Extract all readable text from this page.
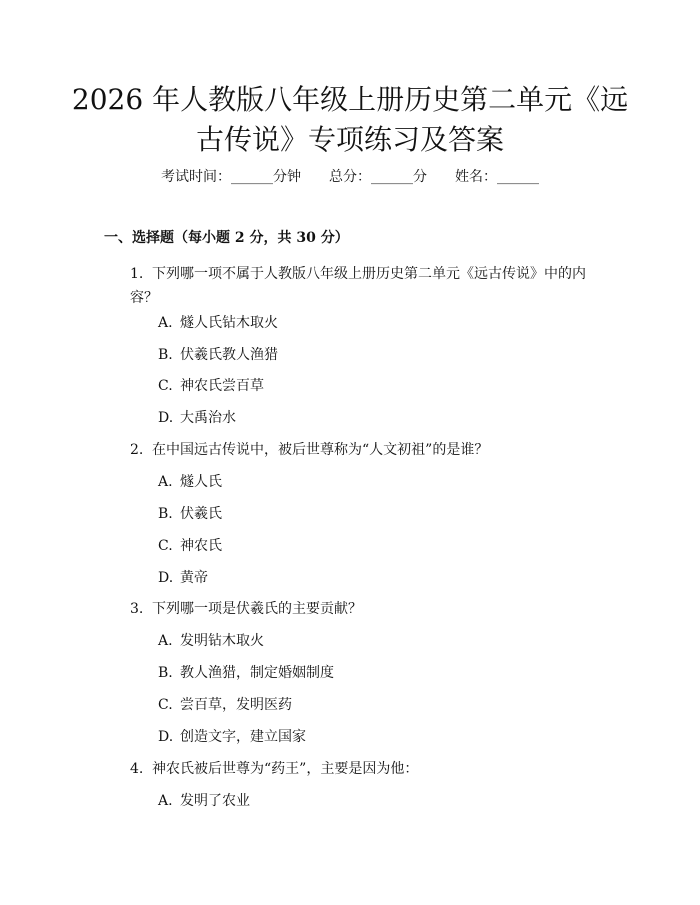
2026 年人教版八年级上册历史第二单元《远
古传说》专项练习及答案
考试时间：______分钟 总分：______分 姓名：______
一、选择题（每小题 2 分，共 30 分）
1. 下列哪一项不属于人教版八年级上册历史第二单元《远古传说》中的内容？
A. 燧人氏钻木取火
B. 伏羲氏教人渔猎
C. 神农氏尝百草
D. 大禹治水
2. 在中国远古传说中，被后世尊称为“人文初祖”的是谁？
A. 燧人氏
B. 伏羲氏
C. 神农氏
D. 黄帝
3. 下列哪一项是伏羲氏的主要贡献？
A. 发明钻木取火
B. 教人渔猎，制定婚姻制度
C. 尝百草，发明医药
D. 创造文字，建立国家
4. 神农氏被后世尊为“药王”，主要是因为他：
A. 发明了农业
